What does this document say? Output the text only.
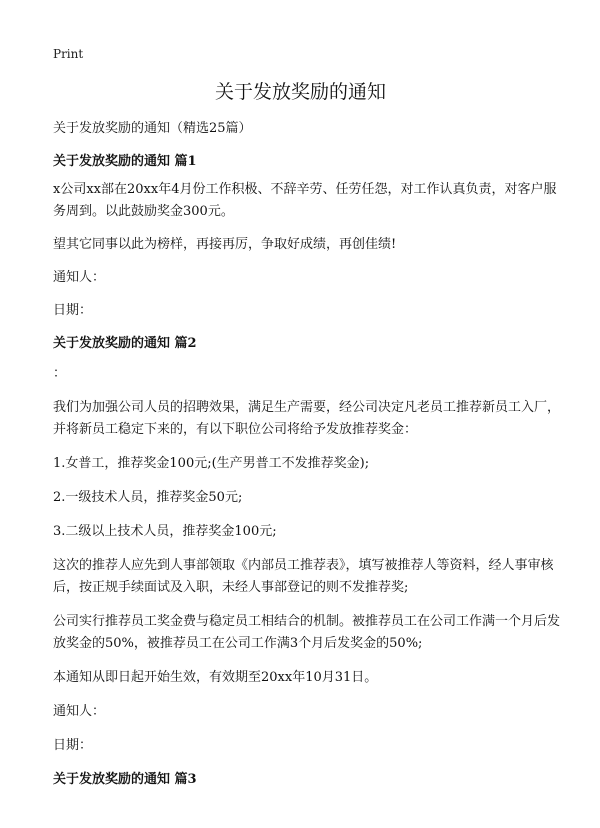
Print
关于发放奖励的通知

关于发放奖励的通知（精选25篇）

关于发放奖励的通知 篇1

x公司xx部在20xx年4月份工作积极、不辞辛劳、任劳任怨，对工作认真负责，对客户服务周到。以此鼓励奖金300元。

望其它同事以此为榜样，再接再厉，争取好成绩，再创佳绩!

通知人：

日期：

关于发放奖励的通知 篇2

：

我们为加强公司人员的招聘效果，满足生产需要，经公司决定凡老员工推荐新员工入厂，并将新员工稳定下来的，有以下职位公司将给予发放推荐奖金：

1.女普工，推荐奖金100元;(生产男普工不发推荐奖金);

2.一级技术人员，推荐奖金50元;

3.二级以上技术人员，推荐奖金100元;

这次的推荐人应先到人事部领取《内部员工推荐表》，填写被推荐人等资料，经人事审核后，按正规手续面试及入职，未经人事部登记的则不发推荐奖;

公司实行推荐员工奖金费与稳定员工相结合的机制。被推荐员工在公司工作满一个月后发放奖金的50%，被推荐员工在公司工作满3个月后发奖金的50%;

本通知从即日起开始生效，有效期至20xx年10月31日。

通知人：

日期：

关于发放奖励的通知 篇3
